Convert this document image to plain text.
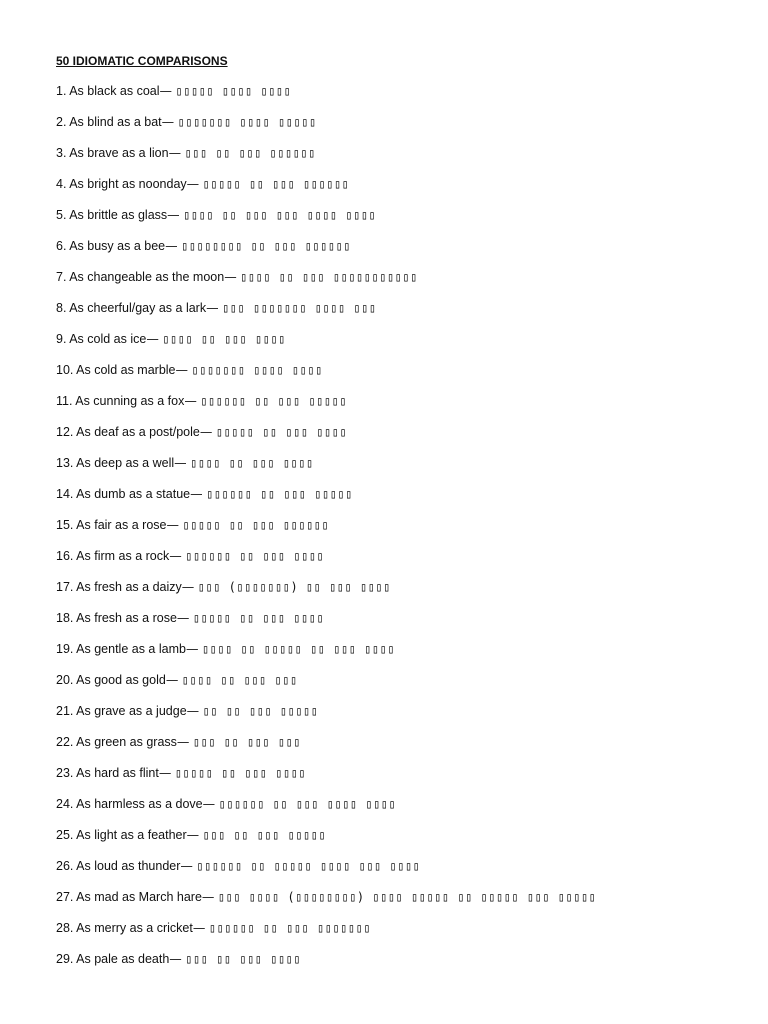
50 IDIOMATIC COMPARISONS
1. As black as coal— ▯▯▯▯▯ ▯▯▯▯ ▯▯▯▯
2. As blind as a bat— ▯▯▯▯▯▯▯ ▯▯▯▯ ▯▯▯▯▯
3. As brave as a lion— ▯▯▯ ▯▯ ▯▯▯ ▯▯▯▯▯▯
4. As bright as noonday— ▯▯▯▯▯ ▯▯ ▯▯▯ ▯▯▯▯▯▯
5. As brittle as glass— ▯▯▯▯ ▯▯ ▯▯▯ ▯▯▯ ▯▯▯▯ ▯▯▯▯
6. As busy as a bee— ▯▯▯▯▯▯▯▯ ▯▯ ▯▯▯ ▯▯▯▯▯▯
7. As changeable as the moon— ▯▯▯▯ ▯▯ ▯▯▯ ▯▯▯▯▯▯▯▯▯▯▯
8. As cheerful/gay as a lark— ▯▯▯ ▯▯▯▯▯▯▯ ▯▯▯▯ ▯▯▯
9. As cold as ice— ▯▯▯▯ ▯▯ ▯▯▯ ▯▯▯▯
10. As cold as marble— ▯▯▯▯▯▯▯ ▯▯▯▯ ▯▯▯▯
11. As cunning as a fox— ▯▯▯▯▯▯ ▯▯ ▯▯▯ ▯▯▯▯▯
12. As deaf as a post/pole— ▯▯▯▯▯ ▯▯ ▯▯▯ ▯▯▯▯
13. As deep as a well— ▯▯▯▯ ▯▯ ▯▯▯ ▯▯▯▯
14. As dumb as a statue— ▯▯▯▯▯▯ ▯▯ ▯▯▯ ▯▯▯▯▯
15. As fair as a rose— ▯▯▯▯▯ ▯▯ ▯▯▯ ▯▯▯▯▯▯
16. As firm as a rock— ▯▯▯▯▯▯ ▯▯ ▯▯▯ ▯▯▯▯
17. As fresh as a daizy— ▯▯▯ (▯▯▯▯▯▯▯) ▯▯ ▯▯▯ ▯▯▯▯
18. As fresh as a rose— ▯▯▯▯▯ ▯▯ ▯▯▯ ▯▯▯▯
19. As gentle as a lamb— ▯▯▯▯ ▯▯ ▯▯▯▯▯ ▯▯ ▯▯▯ ▯▯▯▯
20. As good as gold— ▯▯▯▯ ▯▯ ▯▯▯ ▯▯▯
21. As grave as a judge— ▯▯ ▯▯ ▯▯▯ ▯▯▯▯▯
22. As green as grass— ▯▯▯ ▯▯ ▯▯▯ ▯▯▯
23. As hard as flint— ▯▯▯▯▯ ▯▯ ▯▯▯ ▯▯▯▯
24. As harmless as a dove— ▯▯▯▯▯▯ ▯▯ ▯▯▯ ▯▯▯▯ ▯▯▯▯
25. As light as a feather— ▯▯▯ ▯▯ ▯▯▯ ▯▯▯▯▯
26. As loud as thunder— ▯▯▯▯▯▯ ▯▯ ▯▯▯▯▯ ▯▯▯▯ ▯▯▯ ▯▯▯▯
27. As mad as March hare— ▯▯▯ ▯▯▯▯ (▯▯▯▯▯▯▯▯) ▯▯▯▯ ▯▯▯▯▯ ▯▯ ▯▯▯▯▯ ▯▯▯ ▯▯▯▯▯
28. As merry as a cricket— ▯▯▯▯▯▯ ▯▯ ▯▯▯ ▯▯▯▯▯▯▯
29. As pale as death— ▯▯▯ ▯▯ ▯▯▯ ▯▯▯▯
